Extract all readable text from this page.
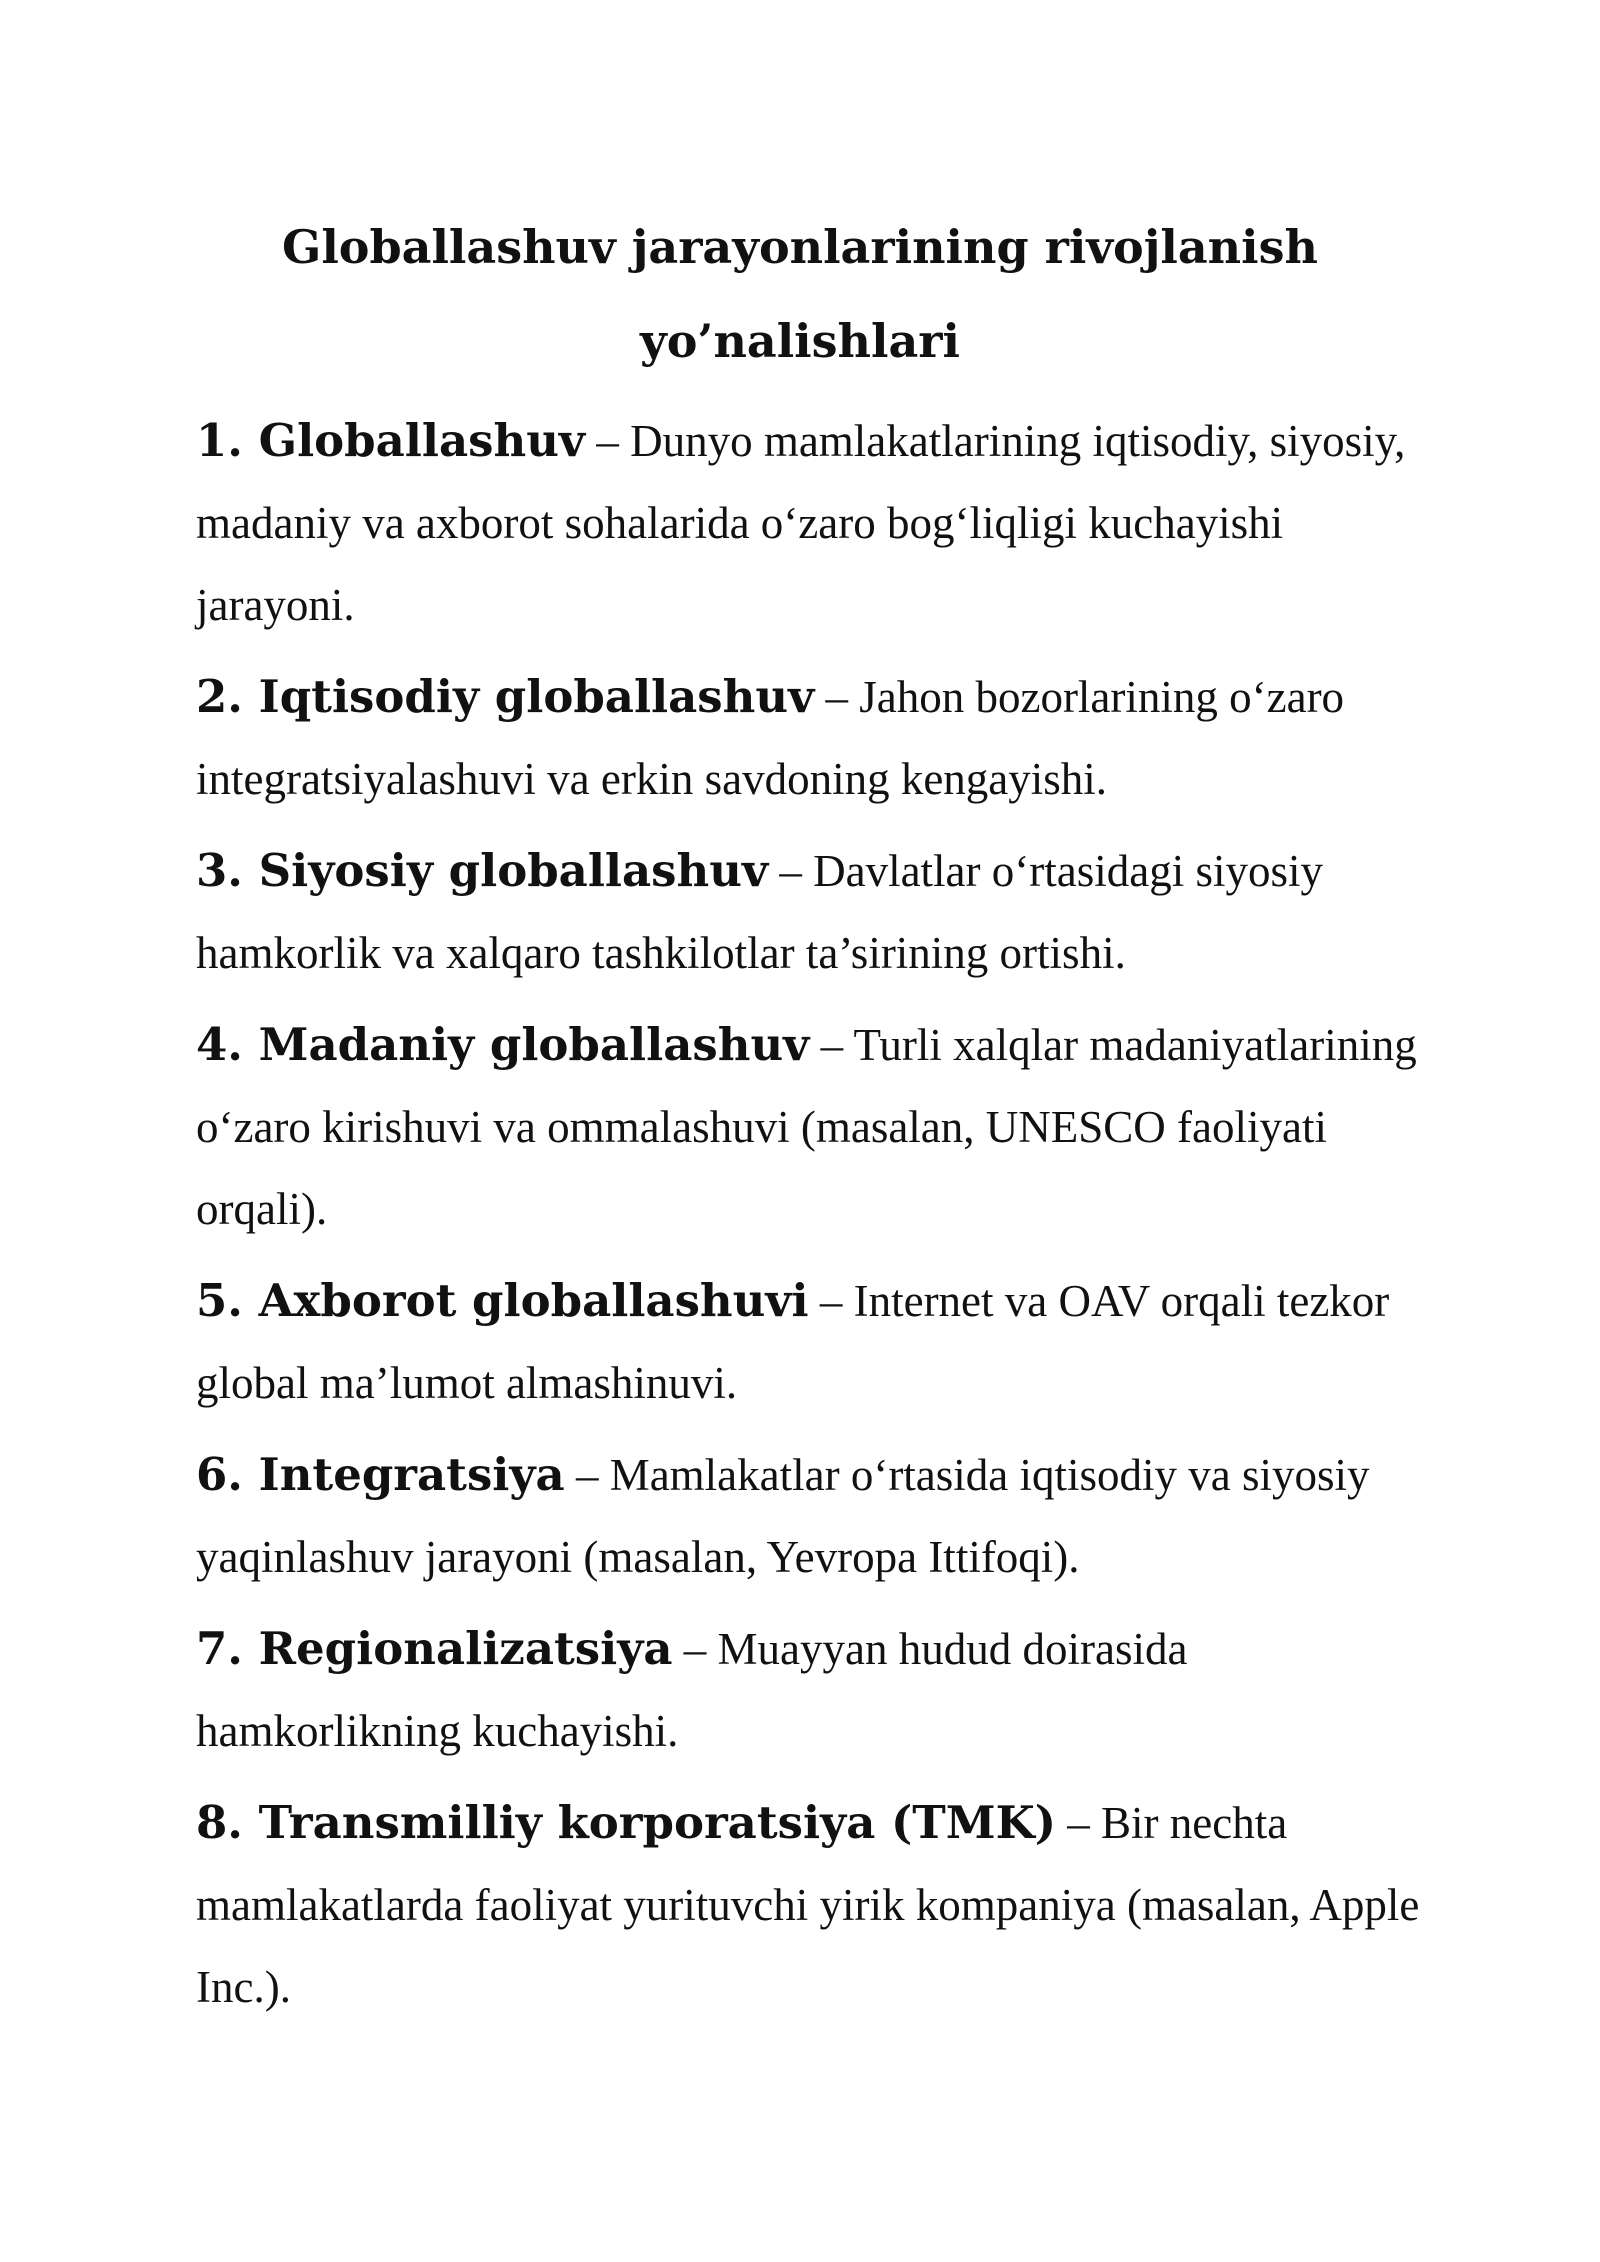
Globallashuv jarayonlarining rivojlanish
yo’nalishlari
1. Globallashuv – Dunyo mamlakatlarining iqtisodiy, siyosiy, madaniy va axborot sohalarida o‘zaro bog‘liqligi kuchayishi jarayoni.
2. Iqtisodiy globallashuv – Jahon bozorlarining o‘zaro integratsiyalashuvi va erkin savdoning kengayishi.
3. Siyosiy globallashuv – Davlatlar o‘rtasidagi siyosiy hamkorlik va xalqaro tashkilotlar ta’sirining ortishi.
4. Madaniy globallashuv – Turli xalqlar madaniyatlarining o‘zaro kirishuvi va ommalashuvi (masalan, UNESCO faoliyati orqali).
5. Axborot globallashuvi – Internet va OAV orqali tezkor global ma’lumot almashinuvi.
6. Integratsiya – Mamlakatlar o‘rtasida iqtisodiy va siyosiy yaqinlashuv jarayoni (masalan, Yevropa Ittifoqi).
7. Regionalizatsiya – Muayyan hudud doirasida hamkorlikning kuchayishi.
8. Transmilliy korporatsiya (TMK) – Bir nechta mamlakatlarda faoliyat yurituvchi yirik kompaniya (masalan, Apple Inc.).
